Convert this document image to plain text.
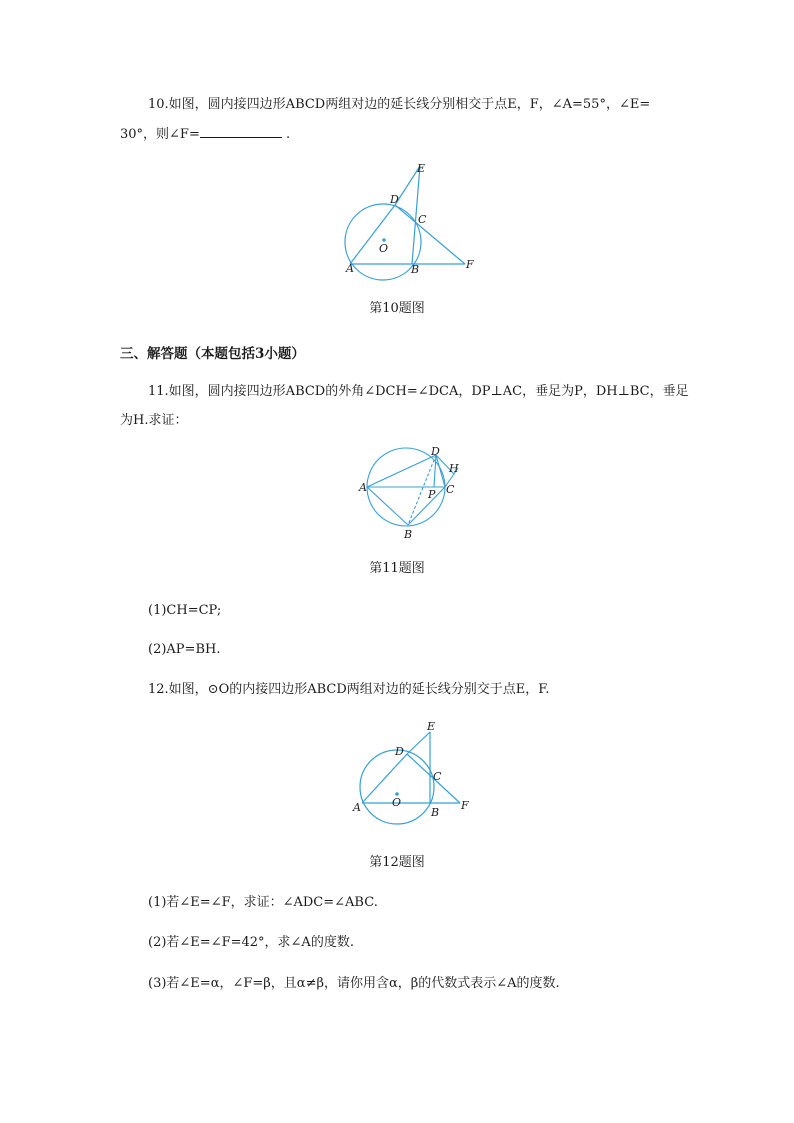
10.如图，圆内接四边形ABCD两组对边的延长线分别相交于点E，F，∠A=55°，∠E=
30°，则∠F=	.
E
D
C
O
A	B	F
第10题图
三、解答题（本题包括3小题）
11.如图，圆内接四边形ABCD的外角∠DCH=∠DCA，DP⊥AC，垂足为P，DH⊥BC，垂足
为H.求证：
D
H
A
P C
B
第11题图
(1)CH=CP;
(2)AP=BH.
12.如图，⊙O的内接四边形ABCD两组对边的延长线分别交于点E，F.
E
D
C
O
A	B
F
第12题图
(1)若∠E=∠F，求证：∠ADC=∠ABC.
(2)若∠E=∠F=42°，求∠A的度数.
(3)若∠E=α，∠F=β，且α≠β，请你用含α，β的代数式表示∠A的度数.
